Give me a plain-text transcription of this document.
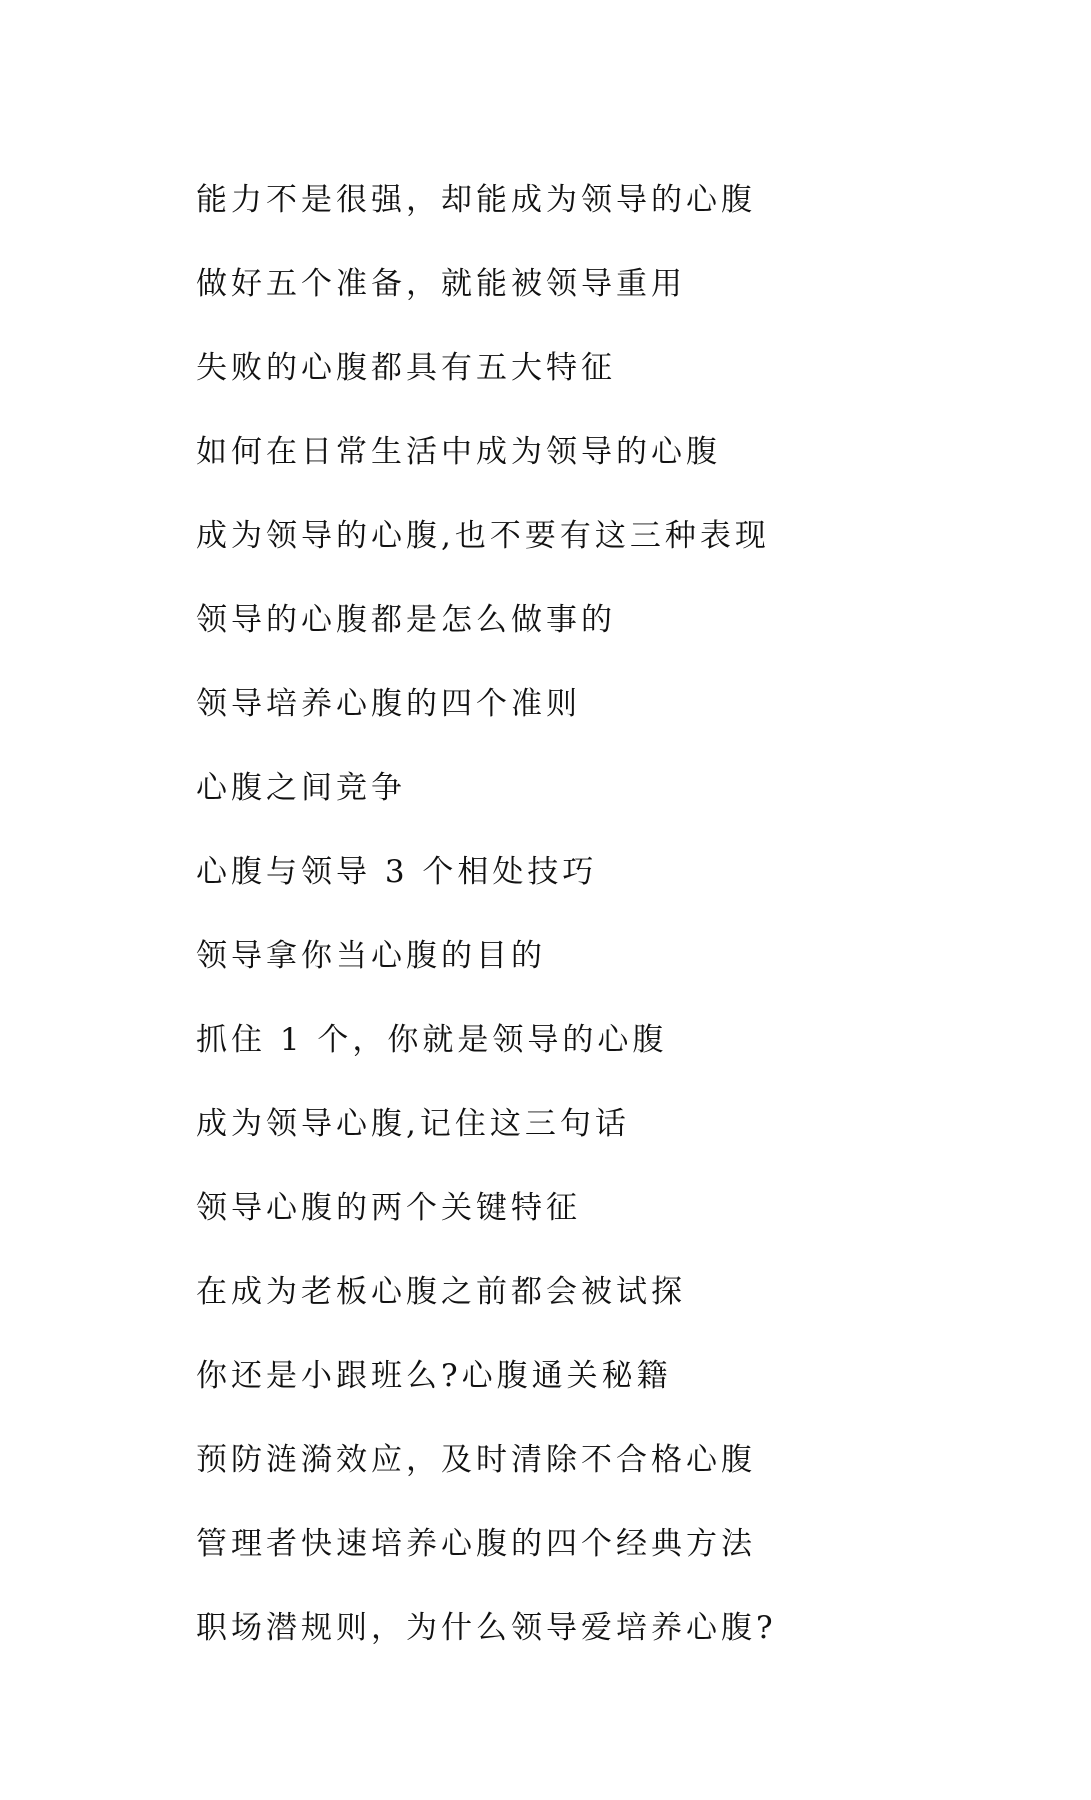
能力不是很强，却能成为领导的心腹
做好五个准备，就能被领导重用
失败的心腹都具有五大特征
如何在日常生活中成为领导的心腹
成为领导的心腹,也不要有这三种表现
领导的心腹都是怎么做事的
领导培养心腹的四个准则
心腹之间竞争
心腹与领导 3 个相处技巧
领导拿你当心腹的目的
抓住 1 个，你就是领导的心腹
成为领导心腹,记住这三句话
领导心腹的两个关键特征
在成为老板心腹之前都会被试探
你还是小跟班么?心腹通关秘籍
预防涟漪效应，及时清除不合格心腹
管理者快速培养心腹的四个经典方法
职场潜规则，为什么领导爱培养心腹?
